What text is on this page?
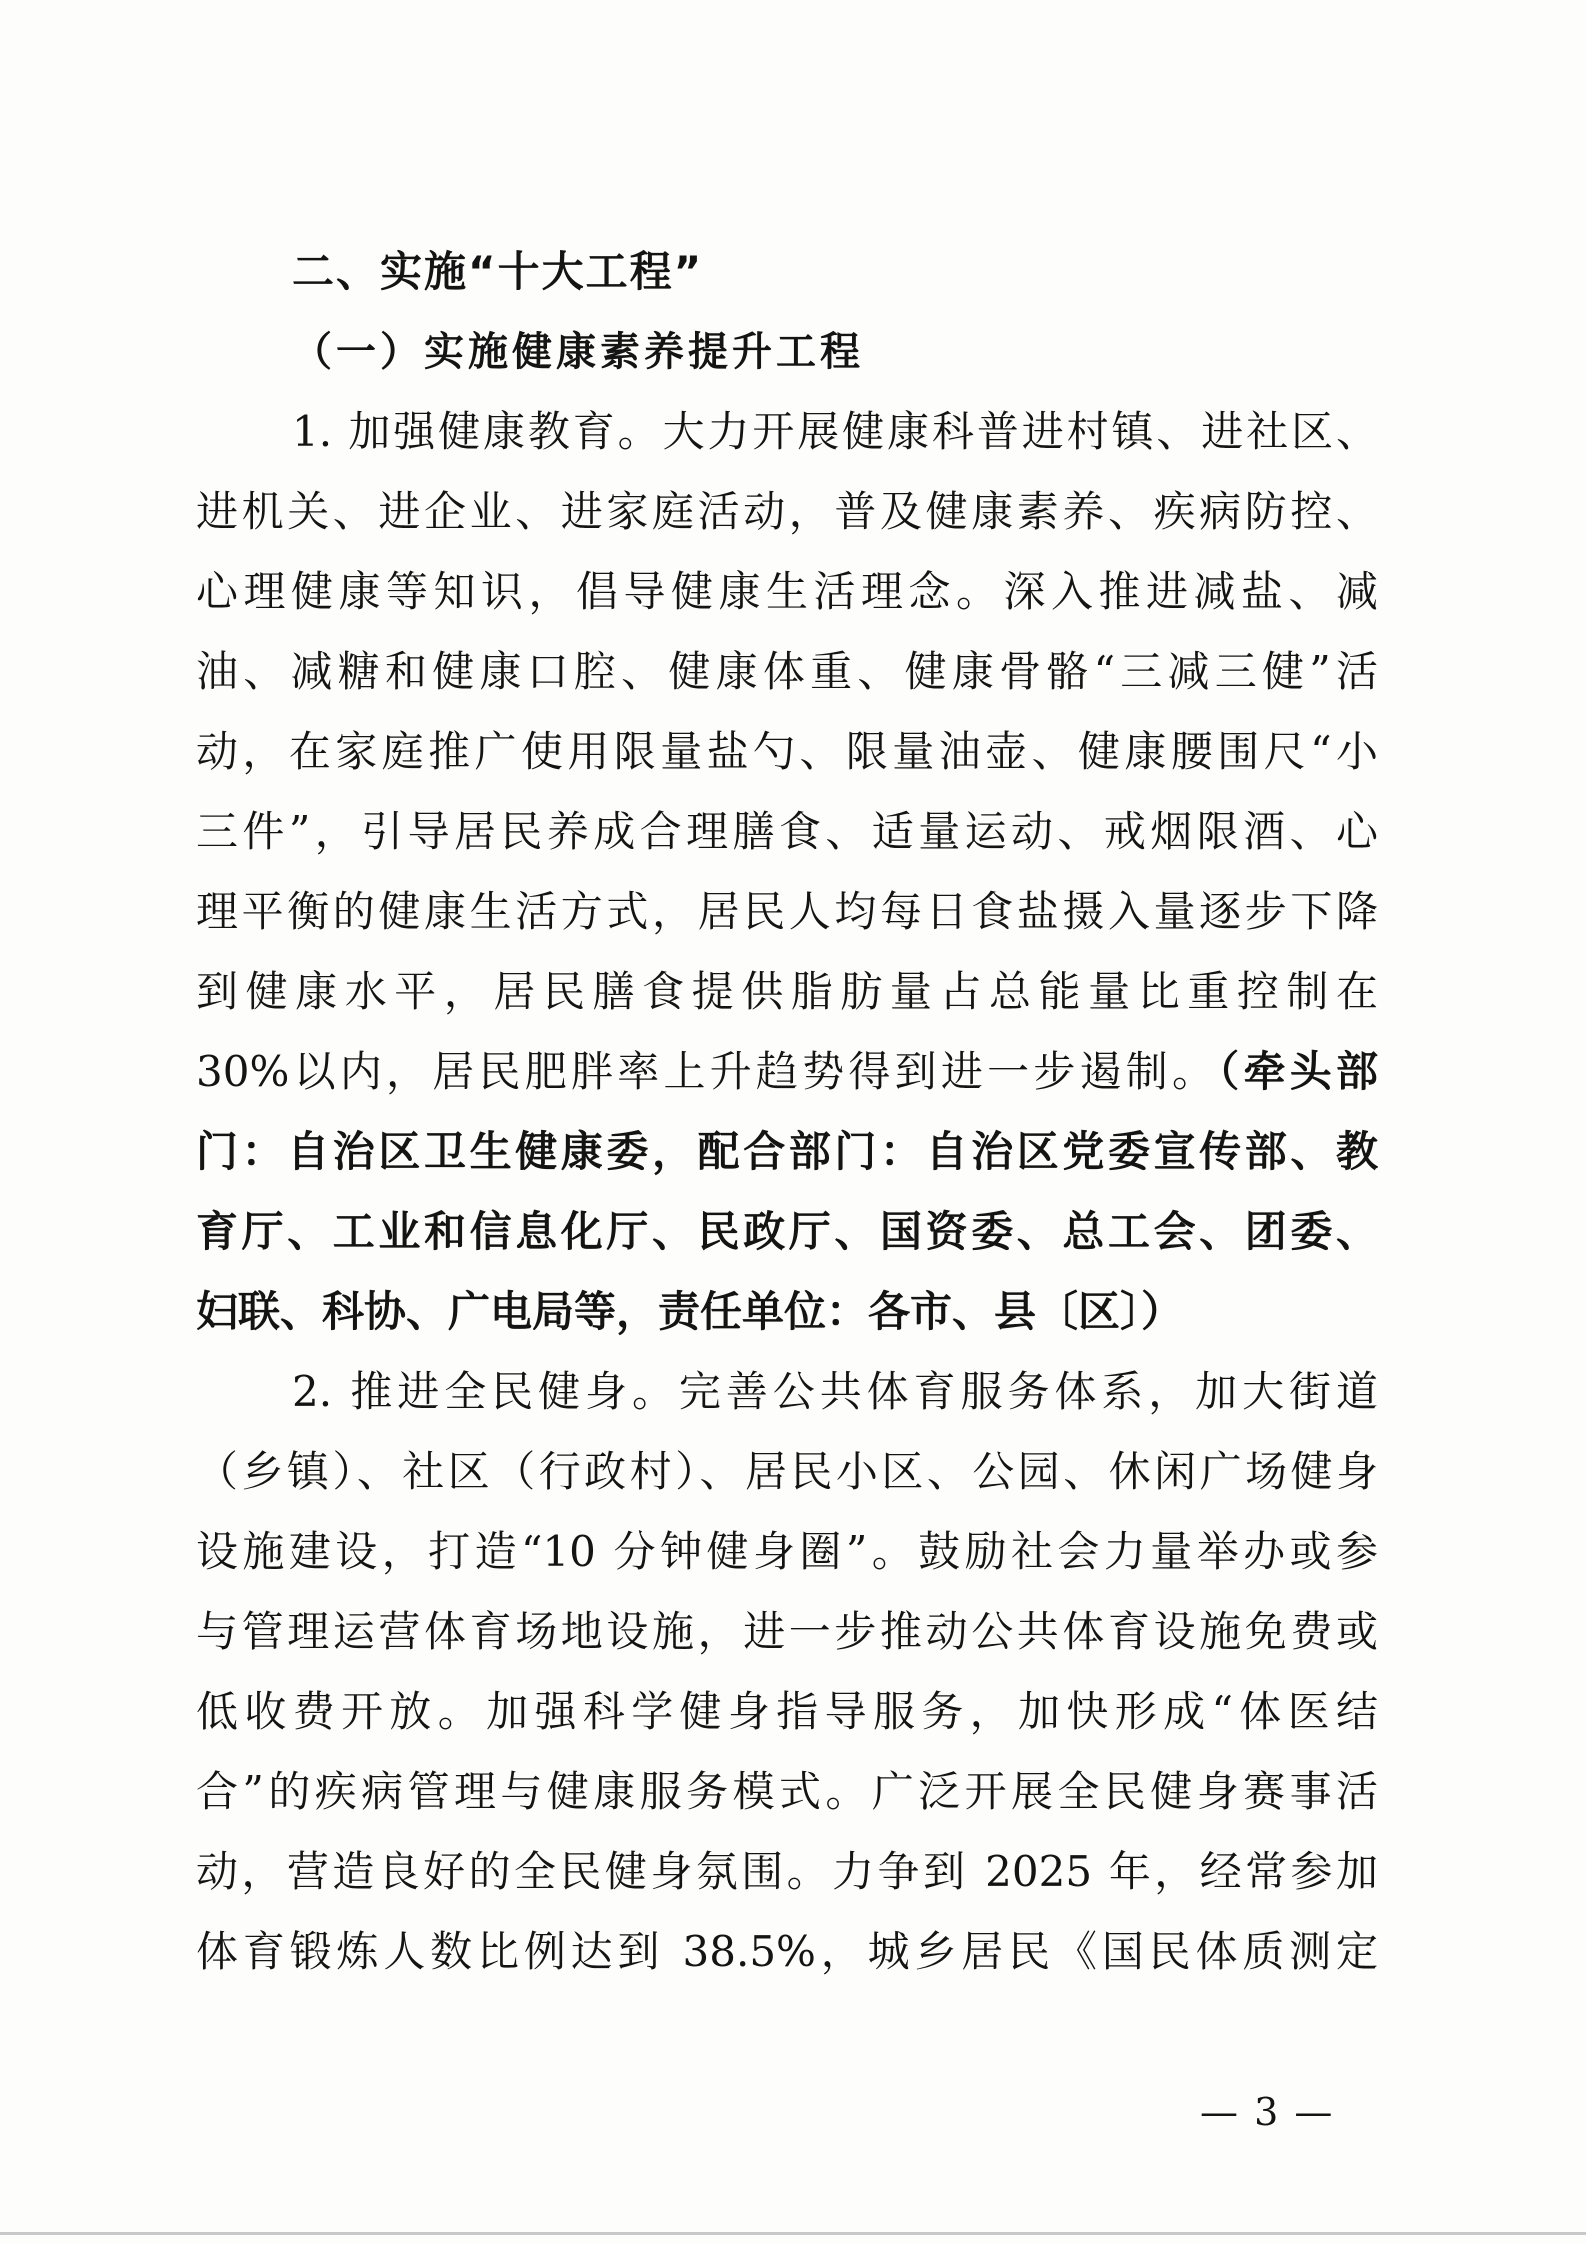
二、实施“十大工程”
（一）实施健康素养提升工程

1. 加强健康教育。大力开展健康科普进村镇、进社区、

进机关、进企业、进家庭活动，普及健康素养、疾病防控、

心理健康等知识，倡导健康生活理念。深入推进减盐、减

油、减糖和健康口腔、健康体重、健康骨骼“三减三健”活

动，在家庭推广使用限量盐勺、限量油壶、健康腰围尺“小

三件”，引导居民养成合理膳食、适量运动、戒烟限酒、心

理平衡的健康生活方式，居民人均每日食盐摄入量逐步下降

到健康水平，居民膳食提供脂肪量占总能量比重控制在

30%以内，居民肥胖率上升趋势得到进一步遏制。（牵头部

门：自治区卫生健康委，配合部门：自治区党委宣传部、教

育厅、工业和信息化厅、民政厅、国资委、总工会、团委、

妇联、科协、广电局等，责任单位：各市、县〔区〕）

2. 推进全民健身。完善公共体育服务体系，加大街道

（乡镇）、社区（行政村）、居民小区、公园、休闲广场健身

设施建设，打造“10 分钟健身圈”。鼓励社会力量举办或参

与管理运营体育场地设施，进一步推动公共体育设施免费或

低收费开放。加强科学健身指导服务，加快形成“体医结

合”的疾病管理与健康服务模式。广泛开展全民健身赛事活

动，营造良好的全民健身氛围。力争到 2025 年，经常参加

体育锻炼人数比例达到 38.5%，城乡居民《国民体质测定

— 3 —
